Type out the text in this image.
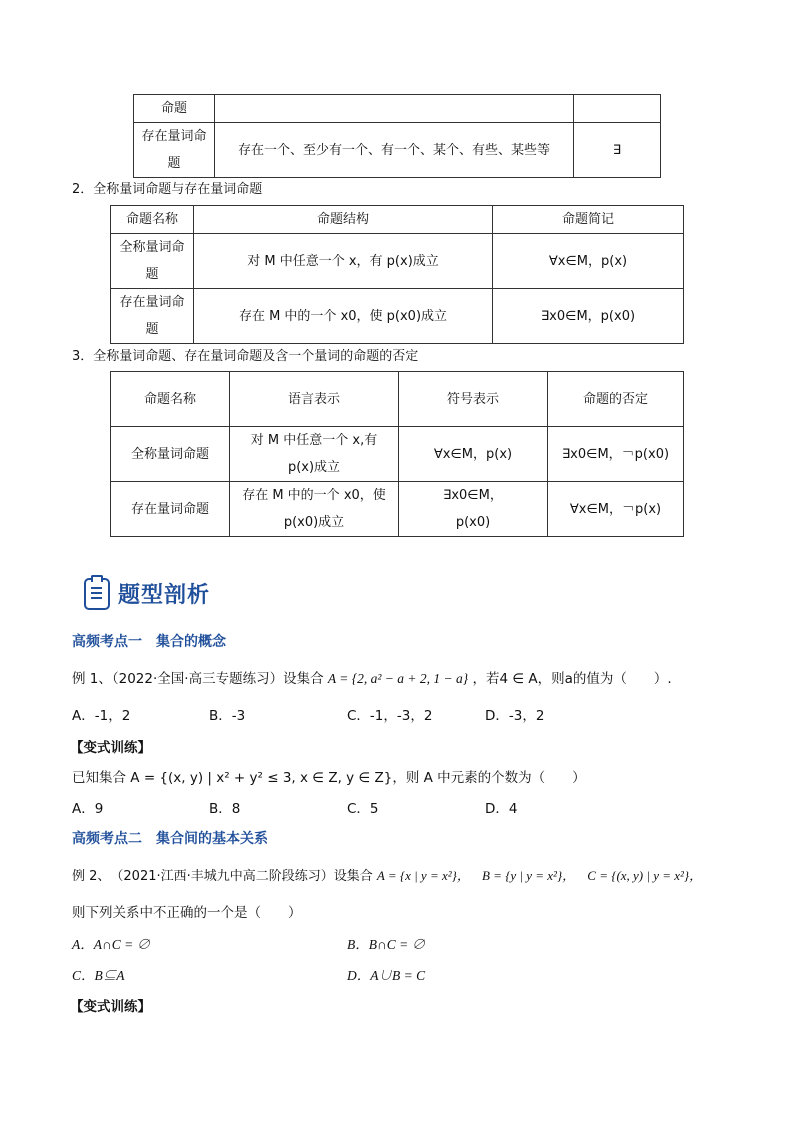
命题		
存在量词命题	存在一个、至少有一个、有一个、某个、有些、某些等	∃
2．全称量词命题与存在量词命题
命题名称	命题结构	命题简记
全称量词命题	对 M 中任意一个 x，有 p(x)成立	∀x∈M，p(x)
存在量词命题	存在 M 中的一个 x0，使 p(x0)成立	∃x0∈M，p(x0)
3．全称量词命题、存在量词命题及含一个量词的命题的否定
命题名称	语言表示	符号表示	命题的否定
全称量词命题	对 M 中任意一个 x,有 p(x)成立	∀x∈M，p(x)	∃x0∈M，￢p(x0)
存在量词命题	存在 M 中的一个 x0，使 p(x0)成立	∃x0∈M，p(x0)	∀x∈M，￢p(x)
题型剖析
高频考点一　集合的概念
例 1、（2022·全国·高三专题练习）设集合 A = {2, a² − a + 2, 1 − a} ，若4 ∈ A，则a的值为（　　）.
A．-1，2	B．-3	C．-1，-3，2	D．-3，2
【变式训练】
已知集合 A = {(x, y) | x² + y² ≤ 3, x ∈ Z, y ∈ Z}，则 A 中元素的个数为（　　）
A．9	B．8	C．5	D．4
高频考点二　集合间的基本关系
例 2、　（2021·江西·丰城九中高二阶段练习）设集合 A = {x | y = x²}， B = {y | y = x²}， C = {(x, y) | y = x²}，
则下列关系中不正确的一个是（　　）
A．A∩C = ∅	B．B∩C = ∅
C．B⊆A	D．A∪B = C
【变式训练】
